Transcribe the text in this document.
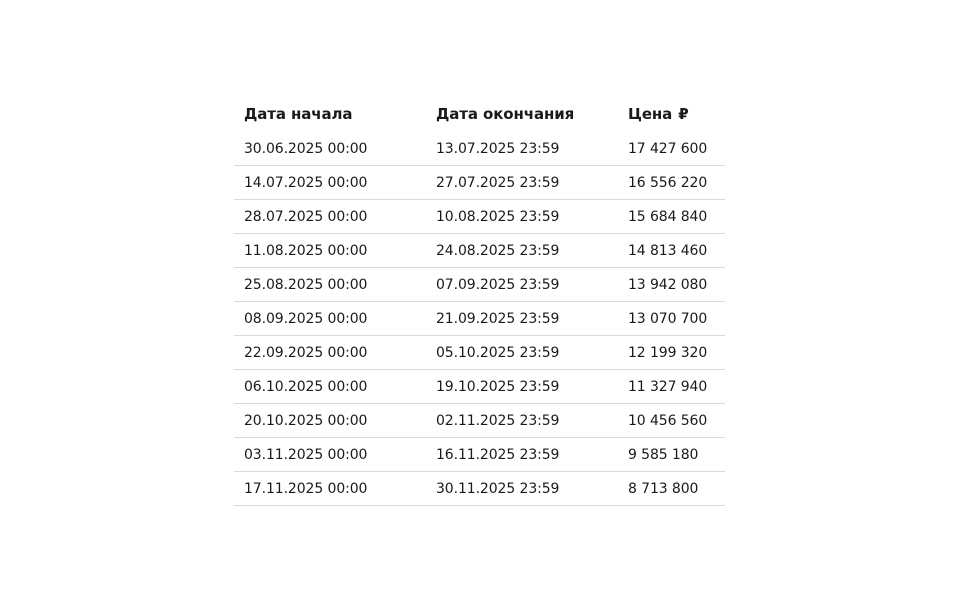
Дата начала	Дата окончания	Цена ₽
30.06.2025 00:00	13.07.2025 23:59	17 427 600
14.07.2025 00:00	27.07.2025 23:59	16 556 220
28.07.2025 00:00	10.08.2025 23:59	15 684 840
11.08.2025 00:00	24.08.2025 23:59	14 813 460
25.08.2025 00:00	07.09.2025 23:59	13 942 080
08.09.2025 00:00	21.09.2025 23:59	13 070 700
22.09.2025 00:00	05.10.2025 23:59	12 199 320
06.10.2025 00:00	19.10.2025 23:59	11 327 940
20.10.2025 00:00	02.11.2025 23:59	10 456 560
03.11.2025 00:00	16.11.2025 23:59	9 585 180
17.11.2025 00:00	30.11.2025 23:59	8 713 800
